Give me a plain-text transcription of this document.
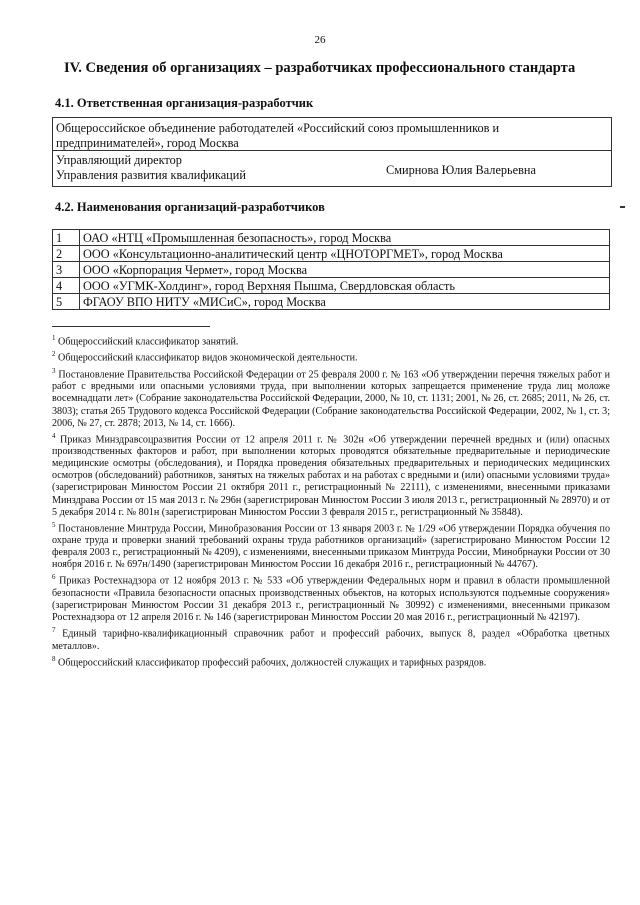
26
IV. Сведения об организациях – разработчиках профессионального стандарта
4.1. Ответственная организация-разработчик
Общероссийское объединение работодателей «Российский союз промышленников и
предпринимателей», город Москва
Управляющий директор
Управления развития квалификаций	Смирнова Юлия Валерьевна
4.2. Наименования организаций-разработчиков
1	ОАО «НТЦ «Промышленная безопасность», город Москва
2	ООО «Консультационно-аналитический центр «ЦНОТОРГМЕТ», город Москва
3	ООО «Корпорация Чермет», город Москва
4	ООО «УГМК-Холдинг», город Верхняя Пышма, Свердловская область
5	ФГАОУ ВПО НИТУ «МИСиС», город Москва

$^1$ Общероссийский классификатор занятий.

$^2$ Общероссийский классификатор видов экономической деятельности.

$^3$ Постановление Правительства Российской Федерации от 25 февраля 2000 г. № 163 «Об утверждении перечня тяжелых работ и работ с вредными или опасными условиями труда, при выполнении которых запрещается применение труда лиц моложе восемнадцати лет» (Собрание законодательства Российской Федерации, 2000, № 10, ст. 1131; 2001, № 26, ст. 2685; 2011, № 26, ст. 3803); статья 265 Трудового кодекса Российской Федерации (Собрание законодательства Российской Федерации, 2002, № 1, ст. 3; 2006, № 27, ст. 2878; 2013, № 14, ст. 1666).

$^4$ Приказ Минздравсоцразвития России от 12 апреля 2011 г. № 302н «Об утверждении перечней вредных и (или) опасных производственных факторов и работ, при выполнении которых проводятся обязательные предварительные и периодические медицинские осмотры (обследования), и Порядка проведения обязательных предварительных и периодических медицинских осмотров (обследований) работников, занятых на тяжелых работах и на работах с вредными и (или) опасными условиями труда» (зарегистрирован Минюстом России 21 октября 2011 г., регистрационный № 22111), с изменениями, внесенными приказами Минздрава России от 15 мая 2013 г. № 296н (зарегистрирован Минюстом России 3 июля 2013 г., регистрационный № 28970) и от 5 декабря 2014 г. № 801н (зарегистрирован Минюстом России 3 февраля 2015 г., регистрационный № 35848).

$^5$ Постановление Минтруда России, Минобразования России от 13 января 2003 г. № 1/29 «Об утверждении Порядка обучения по охране труда и проверки знаний требований охраны труда работников организаций» (зарегистрировано Минюстом России 12 февраля 2003 г., регистрационный № 4209), с изменениями, внесенными приказом Минтруда России, Минобрнауки России от 30 ноября 2016 г. № 697н/1490 (зарегистрирован Минюстом России 16 декабря 2016 г., регистрационный № 44767).

$^6$ Приказ Ростехнадзора от 12 ноября 2013 г. № 533 «Об утверждении Федеральных норм и правил в области промышленной безопасности «Правила безопасности опасных производственных объектов, на которых используются подъемные сооружения» (зарегистрирован Минюстом России 31 декабря 2013 г., регистрационный № 30992) с изменениями, внесенными приказом Ростехнадзора от 12 апреля 2016 г. № 146 (зарегистрирован Минюстом России 20 мая 2016 г., регистрационный № 42197).

$^7$ Единый тарифно-квалификационный справочник работ и профессий рабочих, выпуск 8, раздел «Обработка цветных металлов».

$^8$ Общероссийский классификатор профессий рабочих, должностей служащих и тарифных разрядов.
